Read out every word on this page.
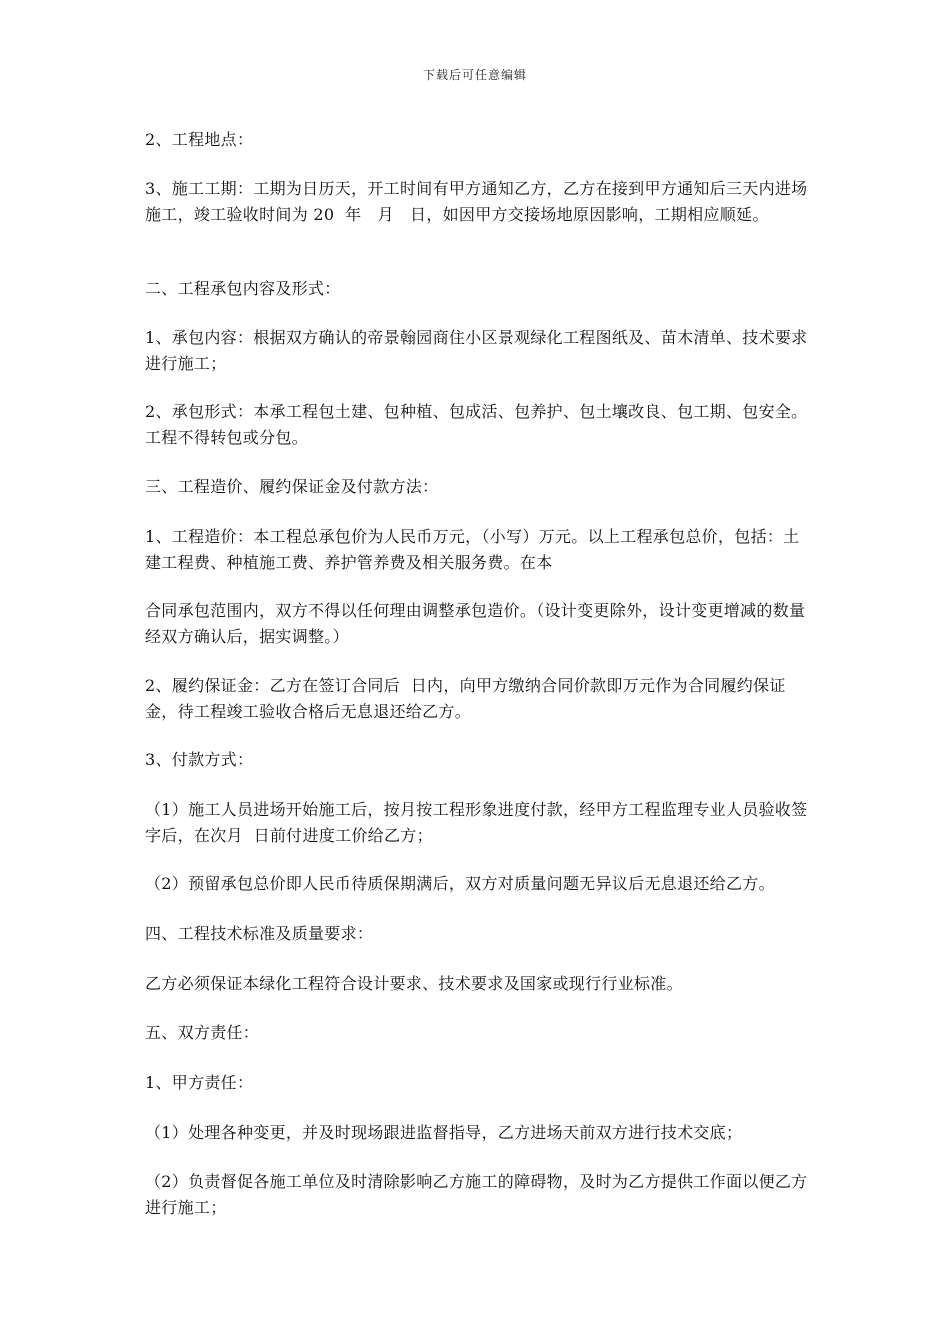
下载后可任意编辑
2、工程地点：
3、施工工期：工期为日历天，开工时间有甲方通知乙方，乙方在接到甲方通知后三天内进场施工，竣工验收时间为 20  年   月   日，如因甲方交接场地原因影响，工期相应顺延。
二、工程承包内容及形式：
1、承包内容：根据双方确认的帝景翰园商住小区景观绿化工程图纸及、苗木清单、技术要求进行施工；
2、承包形式：本承工程包土建、包种植、包成活、包养护、包土壤改良、包工期、包安全。工程不得转包或分包。
三、工程造价、履约保证金及付款方法：
1、工程造价：本工程总承包价为人民币万元，（小写）万元。以上工程承包总价，包括：土建工程费、种植施工费、养护管养费及相关服务费。在本
合同承包范围内，双方不得以任何理由调整承包造价。（设计变更除外，设计变更增减的数量经双方确认后，据实调整。）
2、履约保证金：乙方在签订合同后  日内，向甲方缴纳合同价款即万元作为合同履约保证金，待工程竣工验收合格后无息退还给乙方。
3、付款方式：
（1）施工人员进场开始施工后，按月按工程形象进度付款，经甲方工程监理专业人员验收签字后，在次月  日前付进度工价给乙方；
（2）预留承包总价即人民币待质保期满后，双方对质量问题无异议后无息退还给乙方。
四、工程技术标准及质量要求：
乙方必须保证本绿化工程符合设计要求、技术要求及国家或现行行业标准。
五、双方责任：
1、甲方责任：
（1）处理各种变更，并及时现场跟进监督指导，乙方进场天前双方进行技术交底；
（2）负责督促各施工单位及时清除影响乙方施工的障碍物，及时为乙方提供工作面以便乙方进行施工；
